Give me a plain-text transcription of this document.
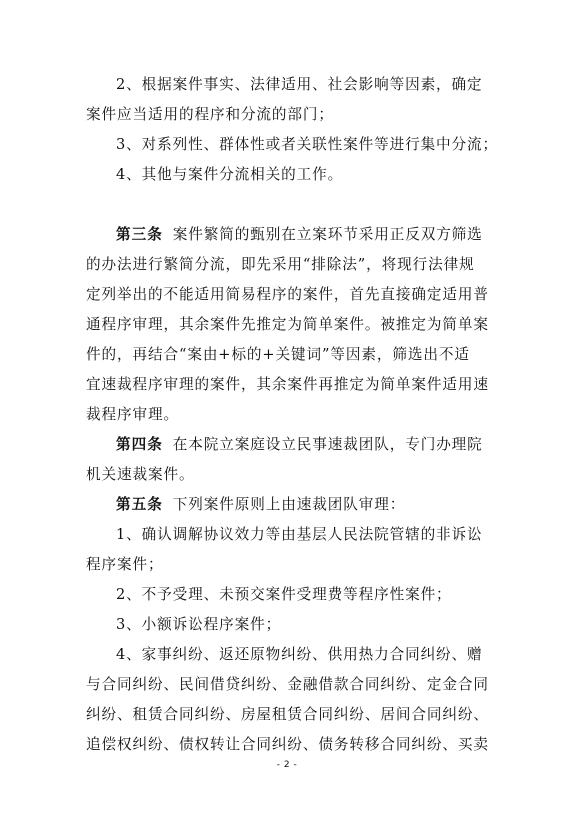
2、根据案件事实、法律适用、社会影响等因素，确定
案件应当适用的程序和分流的部门；
3、对系列性、群体性或者关联性案件等进行集中分流；
4、其他与案件分流相关的工作。
第三条 案件繁简的甄别在立案环节采用正反双方筛选
的办法进行繁简分流，即先采用“排除法”，将现行法律规
定列举出的不能适用简易程序的案件，首先直接确定适用普
通程序审理，其余案件先推定为简单案件。被推定为简单案
件的，再结合“案由+标的+关键词”等因素，筛选出不适
宜速裁程序审理的案件，其余案件再推定为简单案件适用速
裁程序审理。
第四条 在本院立案庭设立民事速裁团队，专门办理院
机关速裁案件。
第五条 下列案件原则上由速裁团队审理：
1、确认调解协议效力等由基层人民法院管辖的非诉讼
程序案件；
2、不予受理、未预交案件受理费等程序性案件；
3、小额诉讼程序案件；
4、家事纠纷、返还原物纠纷、供用热力合同纠纷、赠
与合同纠纷、民间借贷纠纷、金融借款合同纠纷、定金合同
纠纷、租赁合同纠纷、房屋租赁合同纠纷、居间合同纠纷、
追偿权纠纷、债权转让合同纠纷、债务转移合同纠纷、买卖
- 2 -
